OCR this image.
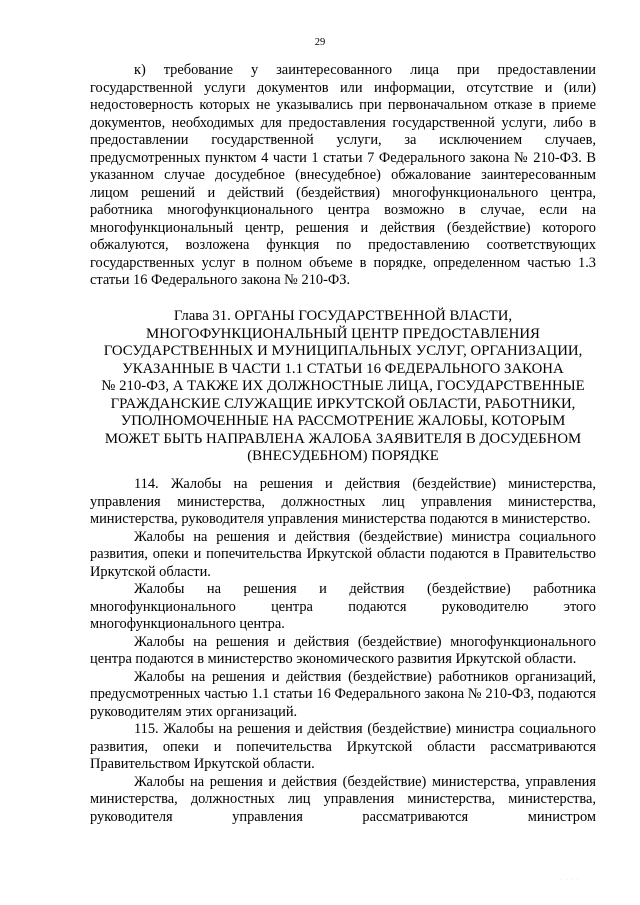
29

к) требование у заинтересованного лица при предоставлении государственной услуги документов или информации, отсутствие и (или) недостоверность которых не указывались при первоначальном отказе в приеме документов, необходимых для предоставления государственной услуги, либо в предоставлении государственной услуги, за исключением случаев, предусмотренных пунктом 4 части 1 статьи 7 Федерального закона № 210-ФЗ. В указанном случае досудебное (внесудебное) обжалование заинтересованным лицом решений и действий (бездействия) многофункционального центра, работника многофункционального центра возможно в случае, если на многофункциональный центр, решения и действия (бездействие) которого обжалуются, возложена функция по предоставлению соответствующих государственных услуг в полном объеме в порядке, определенном частью 1.3 статьи 16 Федерального закона № 210-ФЗ.

Глава 31. ОРГАНЫ ГОСУДАРСТВЕННОЙ ВЛАСТИ,
МНОГОФУНКЦИОНАЛЬНЫЙ ЦЕНТР ПРЕДОСТАВЛЕНИЯ
ГОСУДАРСТВЕННЫХ И МУНИЦИПАЛЬНЫХ УСЛУГ, ОРГАНИЗАЦИИ,
УКАЗАННЫЕ В ЧАСТИ 1.1 СТАТЬИ 16 ФЕДЕРАЛЬНОГО ЗАКОНА
№ 210-ФЗ, А ТАКЖЕ ИХ ДОЛЖНОСТНЫЕ ЛИЦА, ГОСУДАРСТВЕННЫЕ
ГРАЖДАНСКИЕ СЛУЖАЩИЕ ИРКУТСКОЙ ОБЛАСТИ, РАБОТНИКИ,
УПОЛНОМОЧЕННЫЕ НА РАССМОТРЕНИЕ ЖАЛОБЫ, КОТОРЫМ
МОЖЕТ БЫТЬ НАПРАВЛЕНА ЖАЛОБА ЗАЯВИТЕЛЯ В ДОСУДЕБНОМ
(ВНЕСУДЕБНОМ) ПОРЯДКЕ

114. Жалобы на решения и действия (бездействие) министерства, управления министерства, должностных лиц управления министерства, министерства, руководителя управления министерства подаются в министерство.

Жалобы на решения и действия (бездействие) министра социального развития, опеки и попечительства Иркутской области подаются в Правительство Иркутской области.

Жалобы на решения и действия (бездействие) работника многофункционального центра подаются руководителю этого многофункционального центра.

Жалобы на решения и действия (бездействие) многофункционального центра подаются в министерство экономического развития Иркутской области.

Жалобы на решения и действия (бездействие) работников организаций, предусмотренных частью 1.1 статьи 16 Федерального закона № 210-ФЗ, подаются руководителям этих организаций.

115. Жалобы на решения и действия (бездействие) министра социального развития, опеки и попечительства Иркутской области рассматриваются Правительством Иркутской области.

Жалобы на решения и действия (бездействие) министерства, управления министерства, должностных лиц управления министерства, министерства, руководителя управления рассматриваются министром

· · · ·
